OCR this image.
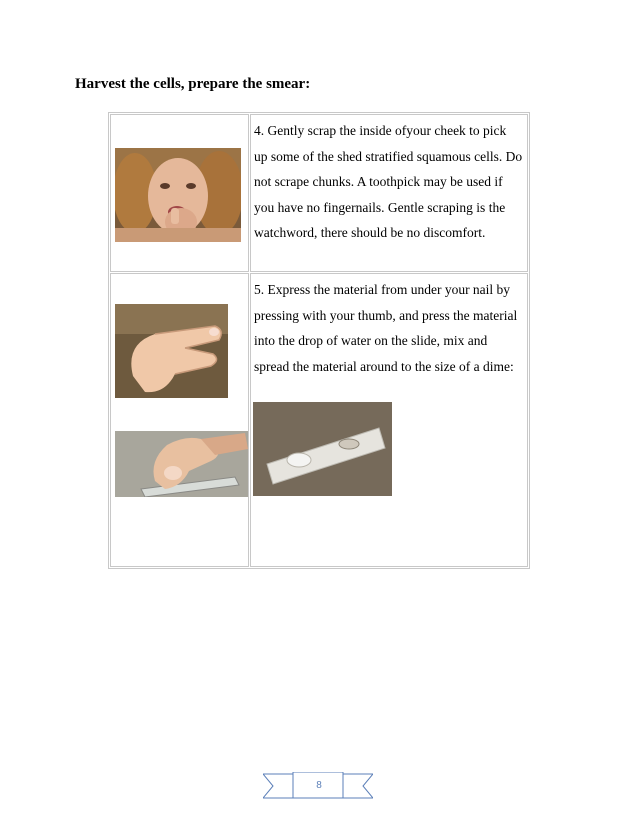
Harvest the cells, prepare the smear:

4. Gently scrap the inside ofyour cheek to pick up some of the shed stratified squamous cells. Do not scrape chunks. A toothpick may be used if you have no fingernails. Gentle scraping is the watchword, there should be no discomfort.

5. Express the material from under your nail by pressing with your thumb, and press the material into the drop of water on the slide, mix and spread the material around to the size of a dime:
8
